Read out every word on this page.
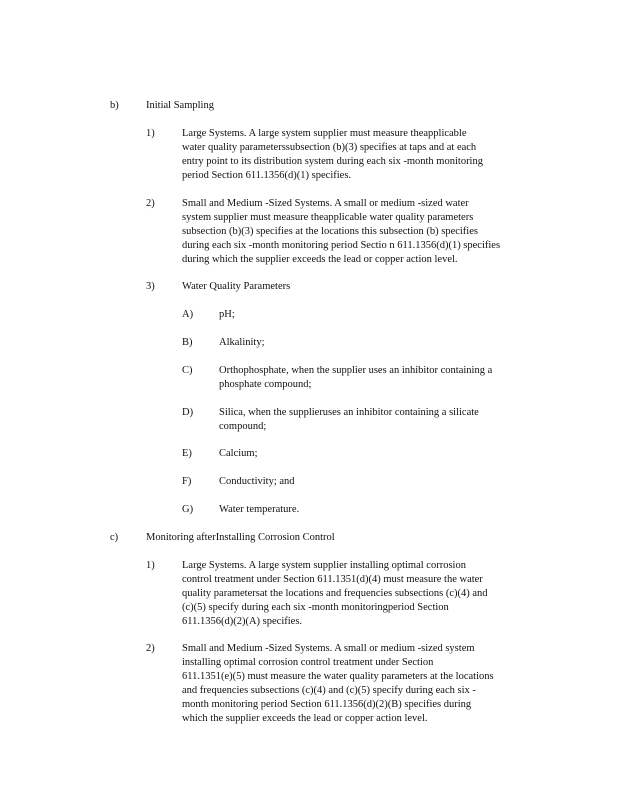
b)	Initial Sampling
1)	Large Systems. A large system supplier must measure theapplicable
water quality parameterssubsection (b)(3) specifies at taps and at each
entry point to its distribution system during each six -month monitoring
period Section 611.1356(d)(1) specifies.
2)	Small and Medium -Sized Systems. A small or medium -sized water
system supplier must measure theapplicable water quality parameters
subsection (b)(3) specifies at the locations this subsection (b) specifies
during each six -month monitoring period Sectio n 611.1356(d)(1) specifies
during which the supplier exceeds the lead or copper action level.
3)	Water Quality Parameters
A) pH;
B)	Alkalinity;
C)	Orthophosphate, when the supplier uses an inhibitor containing a
phosphate compound;
D) Silica, when the supplieruses an inhibitor containing a silicate
compound;
E)	Calcium;
F)	Conductivity; and
G) Water temperature.
c)	Monitoring afterInstalling Corrosion Control
1)	Large Systems. A large system supplier installing optimal corrosion
control treatment under Section 611.1351(d)(4) must measure the water
quality parametersat the locations and frequencies subsections (c)(4) and
(c)(5) specify during each six -month monitoringperiod Section
611.1356(d)(2)(A) specifies.
2)	Small and Medium -Sized Systems. A small or medium -sized system
installing optimal corrosion control treatment under Section
611.1351(e)(5) must measure the water quality parameters at the locations
and frequencies subsections (c)(4) and (c)(5) specify during each six -
month monitoring period Section 611.1356(d)(2)(B) specifies during
which the supplier exceeds the lead or copper action level.
